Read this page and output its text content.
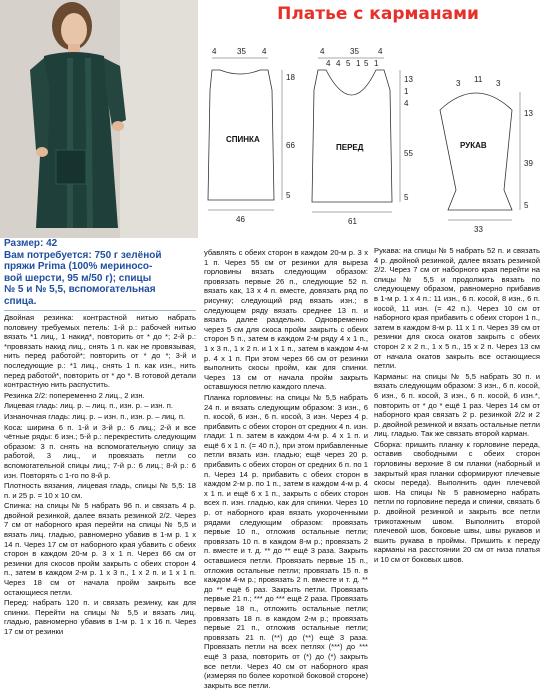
Платье с карманами
4	35 4
18
66
5
46
СПИНКА
4	35 4
4 4 5 1 5 1
13
1
4
55
5
61
ПЕРЕД
3 11 3
13
39
5
33
РУКАВ

Размер: 42

Вам потребуется: 750 г зелёной

пряжи Prima (100% мериносо-

вой шерсти, 95 м/50 г); спицы

№ 5 и № 5,5, вспомогательная

спица.

Двойная резинка: контрастной нитью набрать половину требуемых петель: 1-й р.: рабочей нитью вязать *1 лиц., 1 накид*, повторить от * до *; 2-й р.: *провязать накид лиц., снять 1 п. как не провязывая, нить перед работой*; повторить от * до *; 3-й и последующие р.: *1 лиц., снять 1 п. как изн., нить перед работой*, повторить от * до *. В готовой детали контрастную нить распустить.

Резинка 2/2: попеременно 2 лиц., 2 изн.

Лицевая гладь: лиц. р. – лиц. п., изн. р. – изн. п.

Изнаночная гладь: лиц. р. – изн. п., изн. р. – лиц. п.

Коса: ширина 6 п. 1-й и 3-й р.: 6 лиц.; 2-й и все чётные ряды: 6 изн.; 5-й р.: перекрестить следующим образом: 3 п. снять на вспомогательную спицу за работой, 3 лиц., и провязать петли со вспомогательной спицы лиц.; 7-й р.: 6 лиц.; 8-й р.: 6 изн. Повторять с 1-го по 8-й р.

Плотность вязания, лицевая гладь, спицы № 5,5: 18 п. и 25 р. = 10 х 10 см.

Спинка: на спицы № 5 набрать 96 п. и связать 4 р. двойной резинкой, далее вязать резинкой 2/2. Через 7 см от наборного края перейти на спицы № 5,5 и вязать лиц. гладью, равномерно убавив в 1-м р. 1 х 14 п. Через 17 см от наборного края убавить с обеих сторон в каждом 20-м р. 3 х 1 п. Через 66 см от резинки для скосов пройм закрыть с обеих сторон 4 п., затем в каждом 2-м р. 1 х 3 п., 1 х 2 п. и 1 х 1 п. Через 18 см от начала пройм закрыть все остающиеся петли.

Перед: набрать 120 п. и связать резинку, как для спинки. Перейти на спицы № 5,5 и вязать лиц. гладью, равномерно убавив в 1-м р. 1 х 16 п. Через 17 см от резинки

убавлять с обеих сторон в каждом 20-м р. 3 х 1 п. Через 55 см от резинки для выреза горловины вязать следующим образом: провязать первые 26 п., следующие 52 п. вязать как, 13 х 4 п. вместе, довязать ряд по рисунку; следующий ряд вязать изн.; в следующем ряду вязать среднее 13 п. и вязать далее раздельно. Одновременно через 5 см для скоса пройм закрыть с обеих сторон 5 п., затем в каждом 2-м ряду 4 х 1 п., 1 х 3 п., 1 х 2 п. и 1 х 1 п., затем в каждом 4-м р. 4 х 1 п. При этом через 66 см от резинки выполнить скосы пройм, как для спинки. Через 13 см от начала пройм закрыть оставшуюся петлю каждого плеча.

Планка горловины: на спицы № 5,5 набрать 24 п. и вязать следующим образом: 3 изн., 6 п. косой, 6 изн., 6 п. косой, 3 изн. Через 4 р. прибавить с обеих сторон от средних 4 п. изн. глади: 1 п. затем в каждом 4-м р. 4 х 1 п. и ещё 6 х 1 п. (= 40 п.), при этом прибавленные петли вязать изн. гладью; ещё через 20 р. прибавить с обеих сторон от средних 6 п. по 1 п. Через 14 р. прибавить с обеих сторон в каждом 2-м р. по 1 п., затем в каждом 4-м р. 4 х 1 п. и ещё 6 х 1 п., закрыть с обеих сторон всех п. изн. гладью, как для спинки. Через 10 р. от наборного края вязать укороченными рядами следующим образом: провязать первые 10 п., отложив остальные петли; провязать 10 п. в каждом 8-м р.; провязать 2 п. вместе и т. д. ** до ** ещё 3 раза. Закрыть оставшиеся петли. Провязать первые 15 п., отложив остальные петли; провязать 15 п. в каждом 4-м р.; провязать 2 п. вместе и т. д. ** до ** ещё 6 раз. Закрыть петли. Провязать первые 21 п.; *** до *** ещё 2 раза. Провязать первые 18 п., отложить остальные петли; провязать 18 п. в каждом 2-м р.; провязать первые 21 п., отложив остальные петли; провязать 21 п. (**) до (**) ещё 3 раза. Провязать петли на всех петлях (***) до *** ещё 3 раза, повторить от (*) до (*) закрыть все петли. Через 40 см от наборного края (измеряя по более короткой боковой стороне) закрыть все петли.

Рукава: на спицы № 5 набрать 52 п. и связать 4 р. двойной резинкой, далее вязать резинкой 2/2. Через 7 см от наборного края перейти на спицы № 5,5 и продолжить вязать по следующему образом, равномерно прибавив в 1-м р. 1 х 4 п.: 11 изн., 6 п. косой, 8 изн., 6 п. косой, 11 изн. (= 42 п.). Через 10 см от наборного края прибавить с обеих сторон 1 п., затем в каждом 8-м р. 11 х 1 п. Через 39 см от резинки для скоса окатов закрыть с обеих сторон 2 х 2 п., 1 х 5 п., 15 х 2 п. Через 13 см от начала окатов закрыть все остающиеся петли.

Карманы: на спицы № 5,5 набрать 30 п. и вязать следующим образом: 3 изн., 6 п. косой, 6 изн., 6 п. косой, 3 изн., 6 п. косой, 6 изн.*, повторить от * до * ещё 1 раз. Через 14 см от наборного края связать 2 р. резинкой 2/2 и 2 р. двойной резинкой и вязать остальные петли лиц. гладью. Так же связать второй карман.

Сборка: пришить планку к горловине переда, оставив свободными с обеих сторон горловины верхние 8 см планки (наборный и закрытый края планки сформируют плечевые скосы переда). Выполнить один плечевой шов. На спицы № 5 равномерно набрать петли по горловине переда и спинки, связать 6 р. двойной резинкой и закрыть все петли трикотажным швом. Выполнить второй плечевой шов, боковые швы, швы рукавов и вшить рукава в проймы. Пришить к переду карманы на расстоянии 20 см от низа платья и 10 см от боковых швов.
